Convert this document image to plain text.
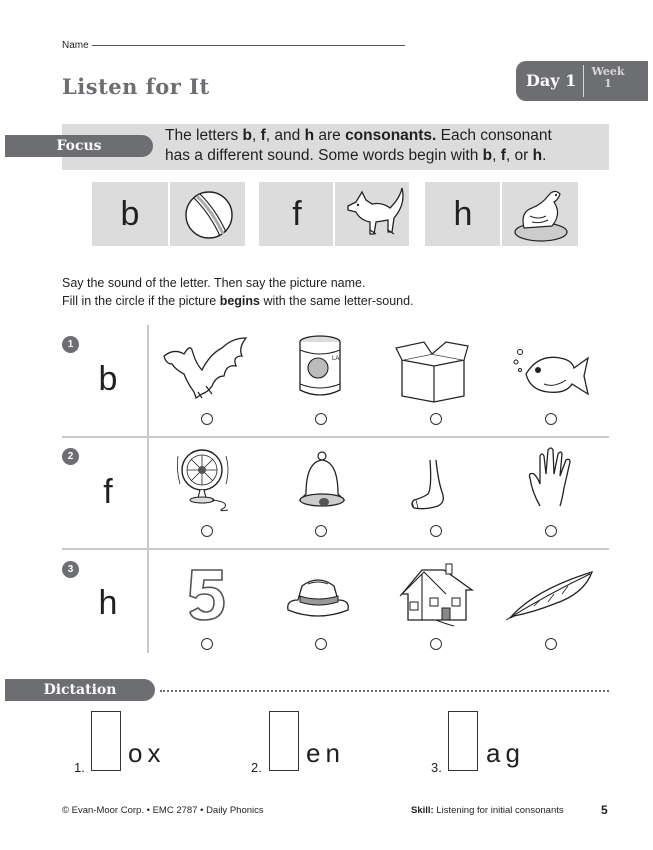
Name
Listen for It	Day 1 Week
1
Focus
The letters b, f, and h are consonants. Each consonant
has a different sound. Some words begin with b, f, or h.
b	f	h
Say the sound of the letter. Then say the picture name.
Fill in the circle if the picture begins with the same letter-sound.
1
b
LA
2
f
3
h
Dictation
1. ox	2. en	3. ag
© Evan-Moor Corp. • EMC 2787 • Daily Phonics	Skill: Listening for initial consonants	5
